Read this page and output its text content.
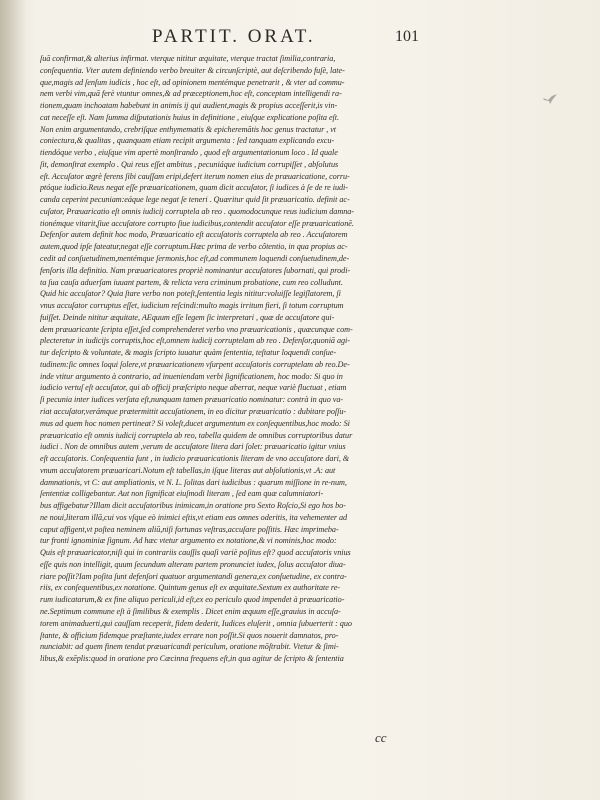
PARTIT. ORAT.	101
ſuā confirmat,& alterius infirmat. vterque nititur æquitate, vterque tractat ſimilia,contraria,
conſequentia. Vter autem definiendo verbo breuiter & circunſcriptè, aut deſcribendo fuſè, late-
que,magis ad ſenſum iudicis , hoc eſt, ad opinionem mentémque penetrarit , & vter ad commu-
nem verbi vim,quā ferè vtuntur omnes,& ad præceptionem,hoc eſt, conceptam intelligendi ra-
tionem,quam inchoatam habebunt in animis ij qui audient,magis & propius acceſſerit,is vin-
cat neceſſe eſt. Nam ſumma diſputationis huius in definitione , eiuſque explicatione poſita eſt.
Non enim argumentando, crebriſque enthymematis & epicheremātis hoc genus tractatur , vt
coniectura,& qualitas , quanquam etiam recipit argumenta : ſed tanquam explicando excu-
tiendóque verbo , eiuſque vim apertè monſtrando , quod eſt argumentationum loco . Id quale
ſit, demonſtrat exemplo . Qui reus eſſet ambitus , pecuniáque iudicium corrupiſſet , abſolutus
eſt. Accuſator ægrè ferens ſibi cauſſam eripi,defert iterum nomen eius de præuaricatione, corru-
ptóque iudicio.Reus negat eſſe præuaricationem, quam dicit accuſator, ſi iudices à ſe de re iudi-
canda ceperint pecuniam:eáque lege negat ſe teneri . Quæritur quid ſit præuaricatio. definit ac-
cuſator, Præuaricatio eſt omnis iudicij corruptela ab reo . quomodocunque reus iudicium damna-
tionémque vitarit,ſiue accuſatore corrupto ſiue iudicibus,contendit accuſator eſſe præuaricationē.
Defenſor autem definit hoc modo, Præuaricatio eſt accuſatoris corruptela ab reo . Accuſatorem
autem,quod ipſe fateatur,negat eſſe corruptum.Hæc prima de verbo côtentio, in qua propius ac-
cedit ad conſuetudinem,mentémque ſermonis,hoc eſt,ad communem loquendi conſuetudinem,de-
fenſoris illa definitio. Nam præuaricatores propriè nominantur accuſatores ſubornati, qui prodi-
ta ſua cauſa aduerſam iuuant partem, & relicta vera criminum probatione, cum reo colludunt.
Quid hic accuſator? Quia ſtare verbo non poteſt,ſententia legis nititur:voluiſſe legiſlatorem, ſi
vnus accuſator corruptus eſſet, iudicium reſcindi:multo magis irritum fieri, ſi totum corruptum
fuiſſet. Deinde nititur æquitate, AEquum eſſe legem ſic interpretari , quæ de accuſatore qui-
dem præuaricante ſcripta eſſet,ſed comprehenderet verbo vno præuaricationis , quæcunque com-
plecteretur in iudicijs corruptis,hoc eſt,omnem iudicij corruptelam ab reo . Defenſor,quoniā agi-
tur deſcripto & voluntate, & magis ſcripto iuuatur quàm ſententia, teſtatur loquendi conſue-
tudinem:ſic omnes loqui ſolere,vt præuaricationem vſurpent accuſatoris corruptelam ab reo.De-
inde vtitur argumento à contrario, ad inueniendam verbi ſignificationem, hoc modo: Si quo in
iudicio vertuſ eſt accuſator, qui ab officij præſcripto neque aberrat, neque variè fluctuat , etiam
ſi pecunia inter iudices verſata eſt,nunquam tamen præuaricatio nominatur: contrà in quo va-
riat accuſator,verámque prætermittit accuſationem, in eo dicitur præuaricatio : dubitare poſſu-
mus ad quem hoc nomen pertineat? Si voleſt,ducet argumentum ex conſequentibus,hoc modo: Si
præuaricatio eſt omnis iudicij corruptela ab reo, tabella quidem de omnibus corruptoribus datur
iudici . Non de omnibus autem ,verum de accuſatore litera dari ſolet: præuaricatio igitur vnius
eſt accuſatoris. Conſequentia ſunt , in iudicio præuaricationis literam de vno accuſatore dari, &
vnum accuſatorem præuaricari.Notum eſt tabellas,in iſque literas aut abſolutionis,vt .A: aut
damnationis, vt C: aut ampliationis, vt N. L. ſolitas dari iudicibus : quarum miſſione in re-num,
ſententiæ colligebantur. Aut non ſignificat eiuſmodi literam , ſed eam quæ calumniatori-
bus affigebatur?Illam dicit accuſatoribus inimicam,in oratione pro Sexto Roſcio,Si ego hos bo-
ne noui,literam illā,cui vos vſque eò inimici eſtis,vt etiam eas omnes oderitis, ita vehementer ad
caput affigent,vt poſtea neminem aliū,niſi fortunas veſtras,accuſare poſſitis. Hæc imprimeba-
tur fronti ignominiæ ſignum. Ad hæc vtetur argumento ex notatione,& vi nominis,hoc modo:
Quis eſt præuaricator,niſi qui in contrariis cauſſis quaſi variè poſitus eſt? quod accuſatoris vnius
eſſe quis non intelligit, quum ſecundum alteram partem pronunciet iudex, ſolus accuſator diua-
riare poſſit?Iam poſita ſunt defenſori quatuor argumentandi genera,ex conſuetudine, ex contra-
riis, ex conſequentibus,ex notatione. Quintum genus eſt ex æquitate.Sextum ex authoritate re-
rum iudicatarum,& ex fine aliquo periculi,id eſt,ex eo periculo quod impendet à præuaricatio-
ne.Septimum commune eſt à ſimilibus & exemplis . Dicet enim æquum eſſe,grauius in accuſa-
torem animaduerti,qui cauſſam receperit, fidem dederit, Iudices eluſerit , omnia ſubuerterit : quo
ſtante, & officium fidemque præſtante,iudex errare non poſſit.Si quos nouerit damnatos, pro-
nunciabit: ad quem finem tendat præuaricandi periculum, oratione mōſtrabit. Vtetur & ſimi-
libus,& exēplis:quod in oratione pro Cæcinna frequens eſt,in qua agitur de ſcripto & ſententia
cc
